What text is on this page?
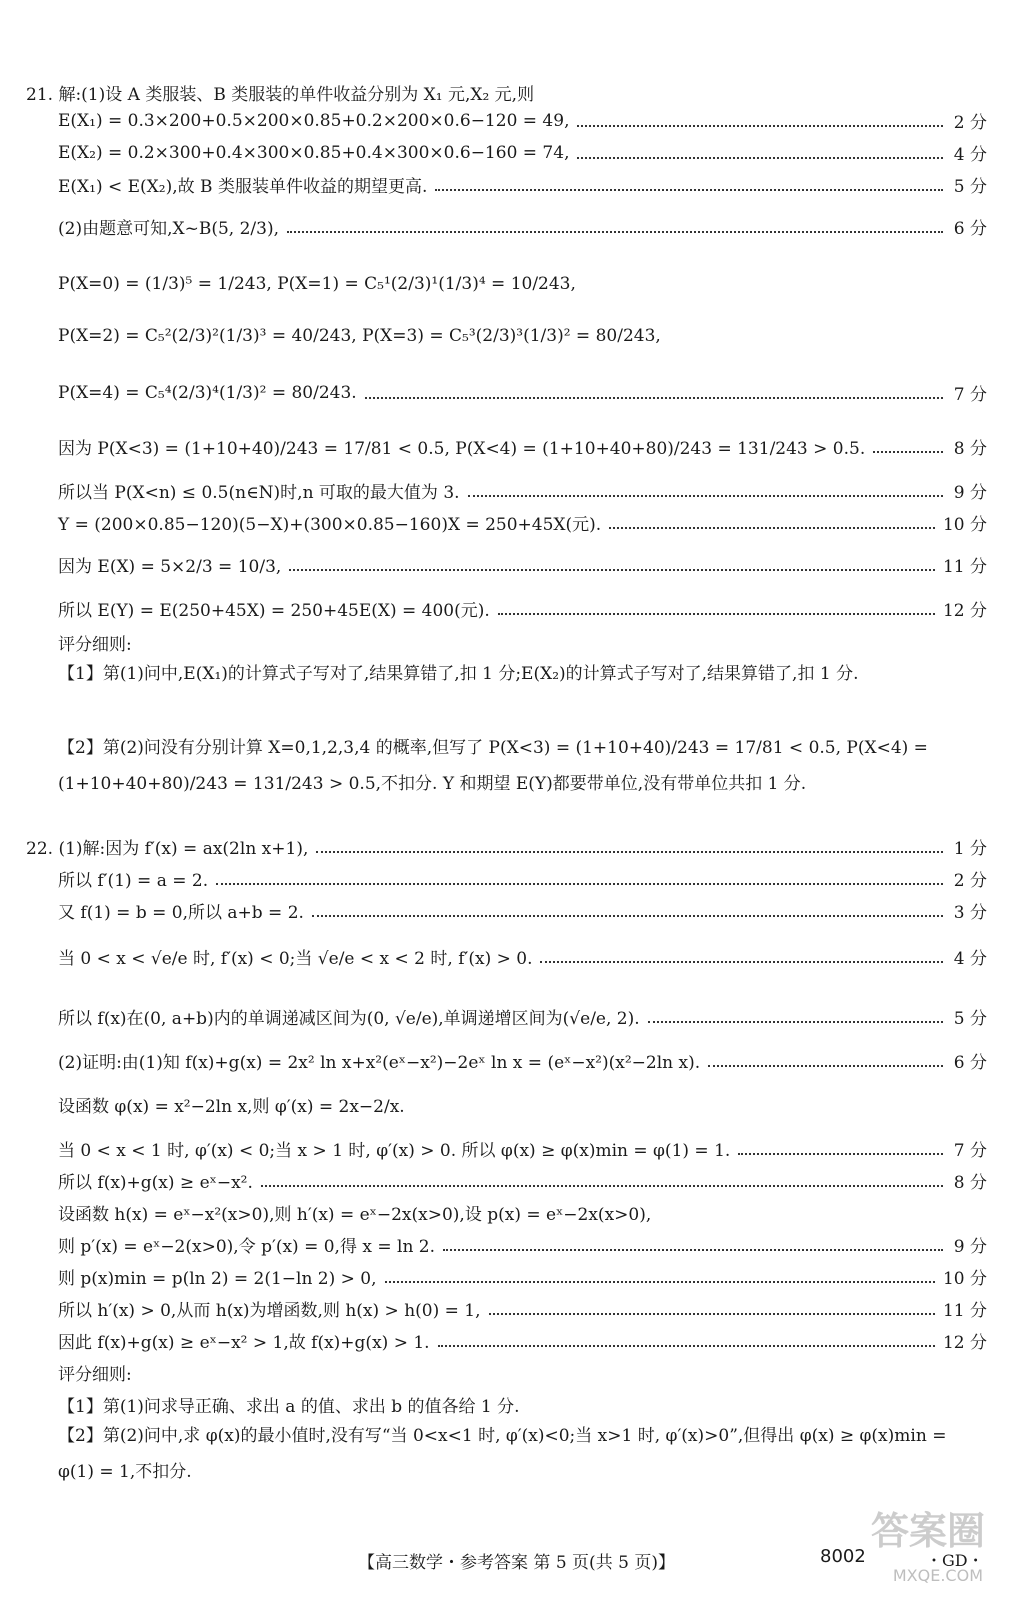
21. 解:(1)设 A 类服装、B 类服装的单件收益分别为 X₁ 元,X₂ 元,则
E(X₁) = 0.3×200+0.5×200×0.85+0.2×200×0.6−120 = 49,	2 分
E(X₂) = 0.2×300+0.4×300×0.85+0.4×300×0.6−160 = 74,	4 分
E(X₁) < E(X₂),故 B 类服装单件收益的期望更高.	5 分
(2)由题意可知,X~B(5, 2/3),	6 分
P(X=0) = (1/3)⁵ = 1/243, P(X=1) = C₅¹(2/3)¹(1/3)⁴ = 10/243,
P(X=2) = C₅²(2/3)²(1/3)³ = 40/243, P(X=3) = C₅³(2/3)³(1/3)² = 80/243,
P(X=4) = C₅⁴(2/3)⁴(1/3)² = 80/243.	7 分
因为 P(X<3) = (1+10+40)/243 = 17/81 < 0.5, P(X<4) = (1+10+40+80)/243 = 131/243 > 0.5.	8 分
所以当 P(X<n) ≤ 0.5(n∈N)时,n 可取的最大值为 3.	9 分
Y = (200×0.85−120)(5−X)+(300×0.85−160)X = 250+45X(元).	10 分
因为 E(X) = 5×2/3 = 10/3,	11 分
所以 E(Y) = E(250+45X) = 250+45E(X) = 400(元).	12 分
评分细则:
【1】第(1)问中,E(X₁)的计算式子写对了,结果算错了,扣 1 分;E(X₂)的计算式子写对了,结果算错了,扣 1 分.
【2】第(2)问没有分别计算 X=0,1,2,3,4 的概率,但写了 P(X<3) = (1+10+40)/243 = 17/81 < 0.5, P(X<4) = (1+10+40+80)/243 = 131/243 > 0.5,不扣分. Y 和期望 E(Y)都要带单位,没有带单位共扣 1 分.
22. (1)解:因为 f′(x) = ax(2ln x+1),	1 分
所以 f′(1) = a = 2.	2 分
又 f(1) = b = 0,所以 a+b = 2.	3 分
当 0 < x < √e/e 时, f′(x) < 0;当 √e/e < x < 2 时, f′(x) > 0.	4 分
所以 f(x)在(0, a+b)内的单调递减区间为(0, √e/e),单调递增区间为(√e/e, 2).	5 分
(2)证明:由(1)知 f(x)+g(x) = 2x² ln x+x²(eˣ−x²)−2eˣ ln x = (eˣ−x²)(x²−2ln x).	6 分
设函数 φ(x) = x²−2ln x,则 φ′(x) = 2x−2/x.
当 0 < x < 1 时, φ′(x) < 0;当 x > 1 时, φ′(x) > 0. 所以 φ(x) ≥ φ(x)min = φ(1) = 1.	7 分
所以 f(x)+g(x) ≥ eˣ−x².	8 分
设函数 h(x) = eˣ−x²(x>0),则 h′(x) = eˣ−2x(x>0),设 p(x) = eˣ−2x(x>0),
则 p′(x) = eˣ−2(x>0),令 p′(x) = 0,得 x = ln 2.	9 分
则 p(x)min = p(ln 2) = 2(1−ln 2) > 0,	10 分
所以 h′(x) > 0,从而 h(x)为增函数,则 h(x) > h(0) = 1,	11 分
因此 f(x)+g(x) ≥ eˣ−x² > 1,故 f(x)+g(x) > 1.	12 分
评分细则:
【1】第(1)问求导正确、求出 a 的值、求出 b 的值各给 1 分.
【2】第(2)问中,求 φ(x)的最小值时,没有写“当 0<x<1 时, φ′(x)<0;当 x>1 时, φ′(x)>0”,但得出 φ(x) ≥ φ(x)min = φ(1) = 1,不扣分.
【高三数学・参考答案 第 5 页(共 5 页)】	8002	・GD・
答案圈
MXQE.COM
